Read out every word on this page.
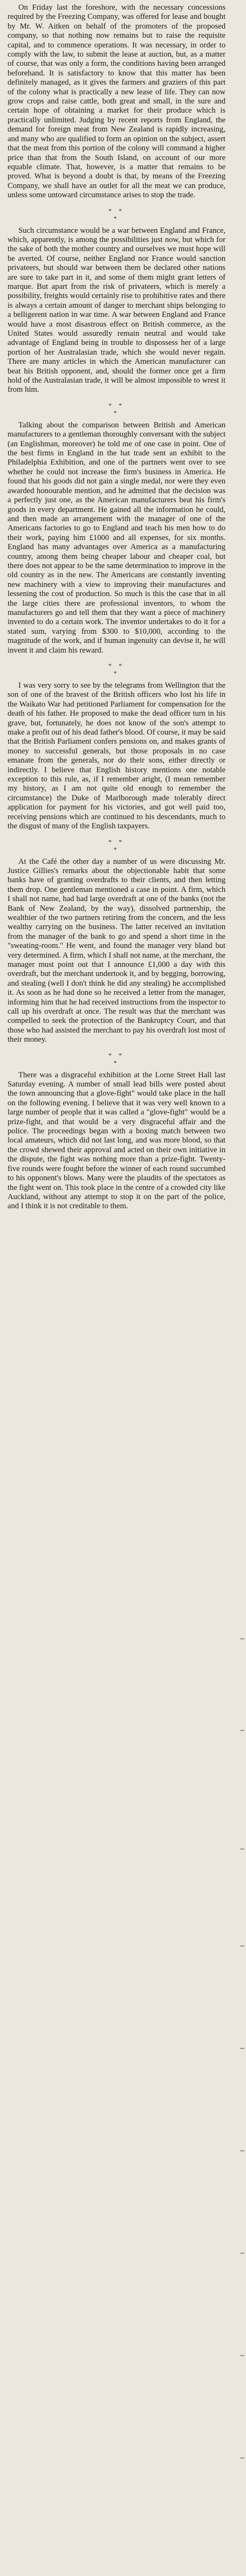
On Friday last the foreshore, with the necessary concessions required by the Freezing Company, was offered for lease and bought by Mr. W. Aitken on behalf of the promoters of the proposed company, so that nothing now remains but to raise the requisite capital, and to commence operations. It was necessary, in order to comply with the law, to submit the lease at auction, but, as a matter of course, that was only a form, the conditions having been arranged beforehand. It is satisfactory to know that this matter has been definitely managed, as it gives the farmers and graziers of this part of the colony what is practically a new lease of life. They can now grow crops and raise cattle, both great and small, in the sure and certain hope of obtaining a market for their produce which is practically unlimited. Judging by recent reports from England, the demand for foreign meat from New Zealand is rapidly increasing, and many who are qualified to form an opinion on the subject, assert that the meat from this portion of the colony will command a higher price than that from the South Island, on account of our more equable climate. That, however, is a matter that remains to be proved. What is beyond a doubt is that, by means of the Freezing Company, we shall have an outlet for all the meat we can produce, unless some untoward circumstance arises to stop the trade.

* *
*

Such circumstance would be a war between England and France, which, apparently, is among the possibilities just now, but which for the sake of both the mother country and ourselves we must hope will be averted. Of course, neither England nor France would sanction privateers, but should war between them be declared other nations are sure to take part in it, and some of them might grant letters of marque. But apart from the risk of privateers, which is merely a possibility, freights would certainly rise to prohibitive rates and there is always a certain amount of danger to merchant ships belonging to a belligerent nation in war time. A war between England and France would have a most disastrous effect on British commerce, as the United States would assuredly remain neutral and would take advantage of England being in trouble to dispossess her of a large portion of her Australasian trade, which she would never regain. There are many articles in which the American manufacturer can beat his British opponent, and, should the former once get a firm hold of the Australasian trade, it will be almost impossible to wrest it from him.

* *
*

Talking about the comparison between British and American manufacturers to a gentleman thoroughly conversant with the subject (an Englishman, moreover) he told me of one case in point. One of the best firms in England in the hat trade sent an exhibit to the Philadelphia Exhibition, and one of the partners went over to see whether he could not increase the firm's business in America. He found that his goods did not gain a single medal, nor were they even awarded honourable mention, and he admitted that the decision was a perfectly just one, as the American manufacturers beat his firm's goods in every department. He gained all the information he could, and then made an arrangement with the manager of one of the Americans factories to go to England and teach his men how to do their work, paying him £1000 and all expenses, for six months. England has many advantages over America as a manufacturing country, among them being cheaper labour and cheaper coal, but there does not appear to be the same determination to improve in the old country as in the new. The Americans are constantly inventing new machinery with a view to improving their manufactures and lessening the cost of production. So much is this the case that in all the large cities there are professional inventors, to whom the manufacturers go and tell them that they want a piece of machinery invented to do a certain work. The inventor undertakes to do it for a stated sum, varying from $300 to $10,000, according to the magnitude of the work, and if human ingenuity can devise it, he will invent it and claim his reward.

* *
*

I was very sorry to see by the telegrams from Wellington that the son of one of the bravest of the British officers who lost his life in the Waikato War had petitioned Parliament for compensation for the death of his father. He proposed to make the dead officer turn in his grave, but, fortunately, he does not know of the son's attempt to make a profit out of his dead father's blood. Of course, it may be said that the British Parliament confers pensions on, and makes grants of money to successful generals, but those proposals in no case emanate from the generals, nor do their sons, either directly or indirectly. I believe that English history mentions one notable exception to this rule, as, if I remember aright, (I mean remember my history, as I am not quite old enough to remember the circumstance) the Duke of Marlborough made tolerably direct application for payment for his victories, and got well paid too, receiving pensions which are continued to his descendants, much to the disgust of many of the English taxpayers.

* *
*

At the Café the other day a number of us were discussing Mr. Justice Gillies's remarks about the objectionable habit that some banks have of granting overdrafts to their clients, and then letting them drop. One gentleman mentioned a case in point. A firm, which I shall not name, had had large overdraft at one of the banks (not the Bank of New Zealand, by the way), dissolved partnership, the wealthier of the two partners retiring from the concern, and the less wealthy carrying on the business. The latter received an invitation from the manager of the bank to go and spend a short time in the "sweating-room." He went, and found the manager very bland but very determined. A firm, which I shall not name, at the merchant, the manager must point out that I announce £1,000 a day with this overdraft, but the merchant undertook it, and by begging, borrowing, and stealing (well I don't think he did any stealing) he accomplished it. As soon as he had done so he received a letter from the manager, informing him that he had received instructions from the inspector to call up his overdraft at once. The result was that the merchant was compelled to seek the protection of the Bankruptcy Court, and that those who had assisted the merchant to pay his overdraft lost most of their money.

* *
*

There was a disgraceful exhibition at the Lorne Street Hall last Saturday evening. A number of small lead bills were posted about the town announcing that a glove-fight" would take place in the hall on the following evening. I believe that it was very well known to a large number of people that it was called a "glove-fight" would be a prize-fight, and that would be a very disgraceful affair and the police. The proceedings began with a boxing match between two local amateurs, which did not last long, and was more blood, so that the crowd shewed their approval and acted on their own initiative in the dispute, the fight was nothing more than a prize-fight. Twenty-five rounds were fought before the winner of each round succumbed to his opponent's blows. Many were the plaudits of the spectators as the fight went on. This took place in the centre of a crowded city like Auckland, without any attempt to stop it on the part of the police, and I think it is not creditable to them.
